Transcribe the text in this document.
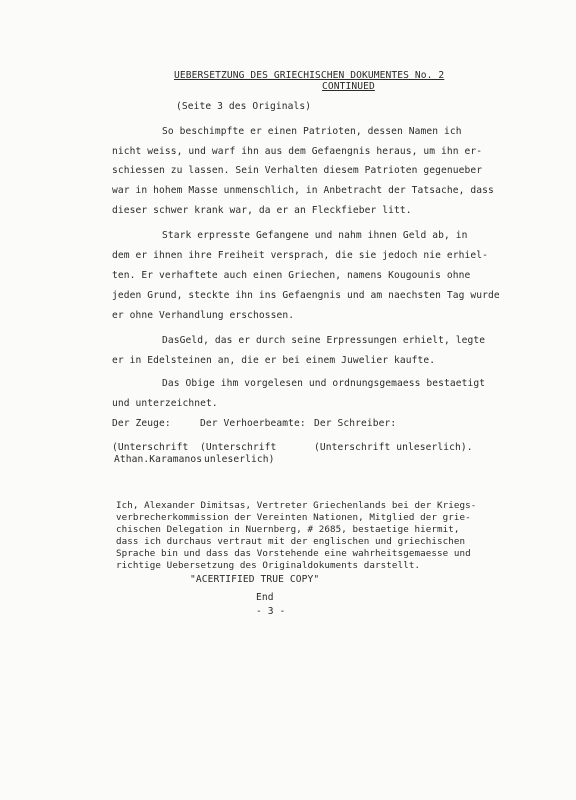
UEBERSETZUNG DES GRIECHISCHEN DOKUMENTES No. 2
CONTINUED
(Seite 3 des Originals)
So beschimpfte er einen Patrioten, dessen Namen ich
nicht weiss, und warf ihn aus dem Gefaengnis heraus, um ihn er-
schiessen zu lassen. Sein Verhalten diesem Patrioten gegenueber
war in hohem Masse unmenschlich, in Anbetracht der Tatsache, dass
dieser schwer krank war, da er an Fleckfieber litt.
Stark erpresste Gefangene und nahm ihnen Geld ab, in
dem er ihnen ihre Freiheit versprach, die sie jedoch nie erhiel-
ten. Er verhaftete auch einen Griechen, namens Kougounis ohne
jeden Grund, steckte ihn ins Gefaengnis und am naechsten Tag wurde
er ohne Verhandlung erschossen.
DasGeld, das er durch seine Erpressungen erhielt, legte
er in Edelsteinen an, die er bei einem Juwelier kaufte.
Das Obige ihm vorgelesen und ordnungsgemaess bestaetigt
und unterzeichnet.
Der Zeuge:	Der Verhoerbeamte: Der Schreiber:
(Unterschrift
Athan.Karamanos
(Unterschrift
unleserlich)
(Unterschrift unleserlich).
Ich, Alexander Dimitsas, Vertreter Griechenlands bei der Kriegs-
verbrecherkommission der Vereinten Nationen, Mitglied der grie-
chischen Delegation in Nuernberg, # 2685, bestaetige hiermit,
dass ich durchaus vertraut mit der englischen und griechischen
Sprache bin und dass das Vorstehende eine wahrheitsgemaesse und
richtige Uebersetzung des Originaldokuments darstellt.
"ACERTIFIED TRUE COPY"
End
- 3 -
